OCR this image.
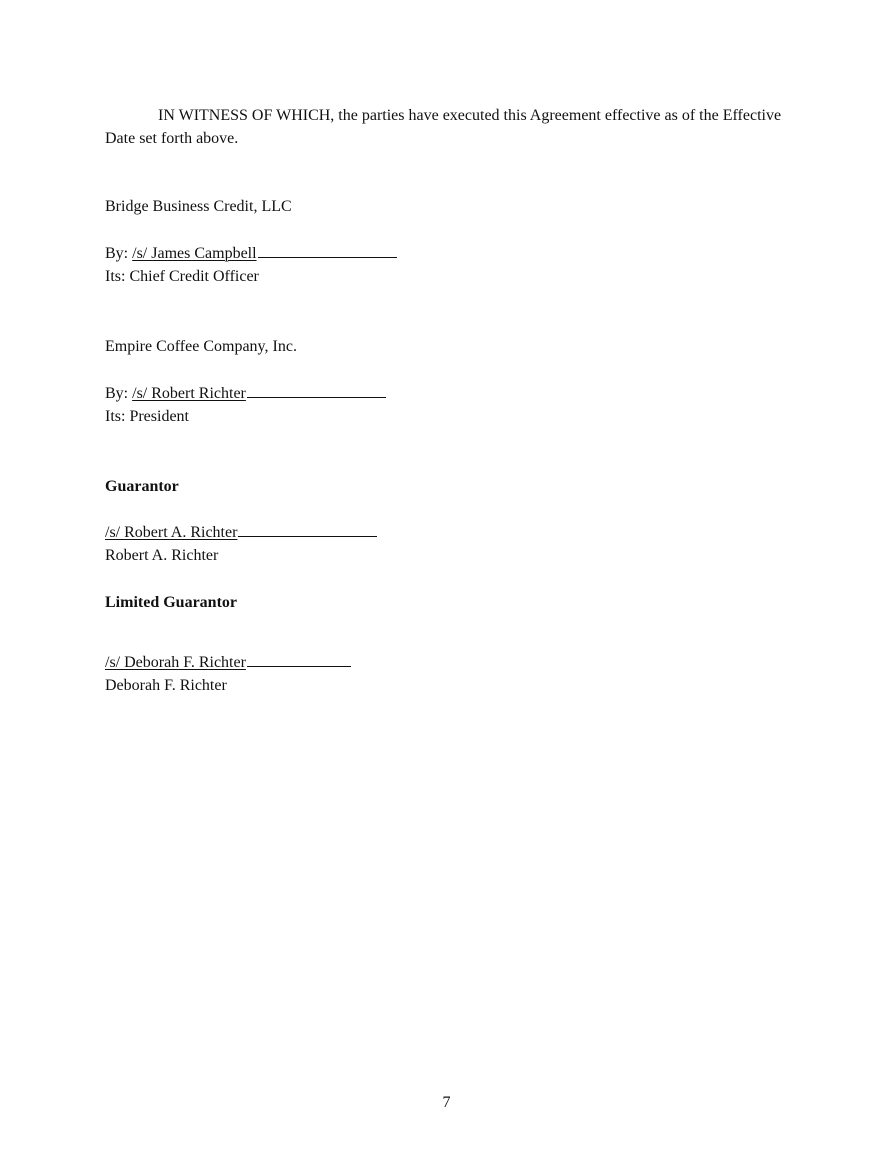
IN WITNESS OF WHICH, the parties have executed this Agreement effective as of the Effective Date set forth above.

Bridge Business Credit, LLC

By: /s/ James Campbell

Its: Chief Credit Officer

Empire Coffee Company, Inc.

By: /s/ Robert Richter

Its: President

Guarantor

/s/ Robert A. Richter

Robert A. Richter

Limited Guarantor

/s/ Deborah F. Richter

Deborah F. Richter

7
